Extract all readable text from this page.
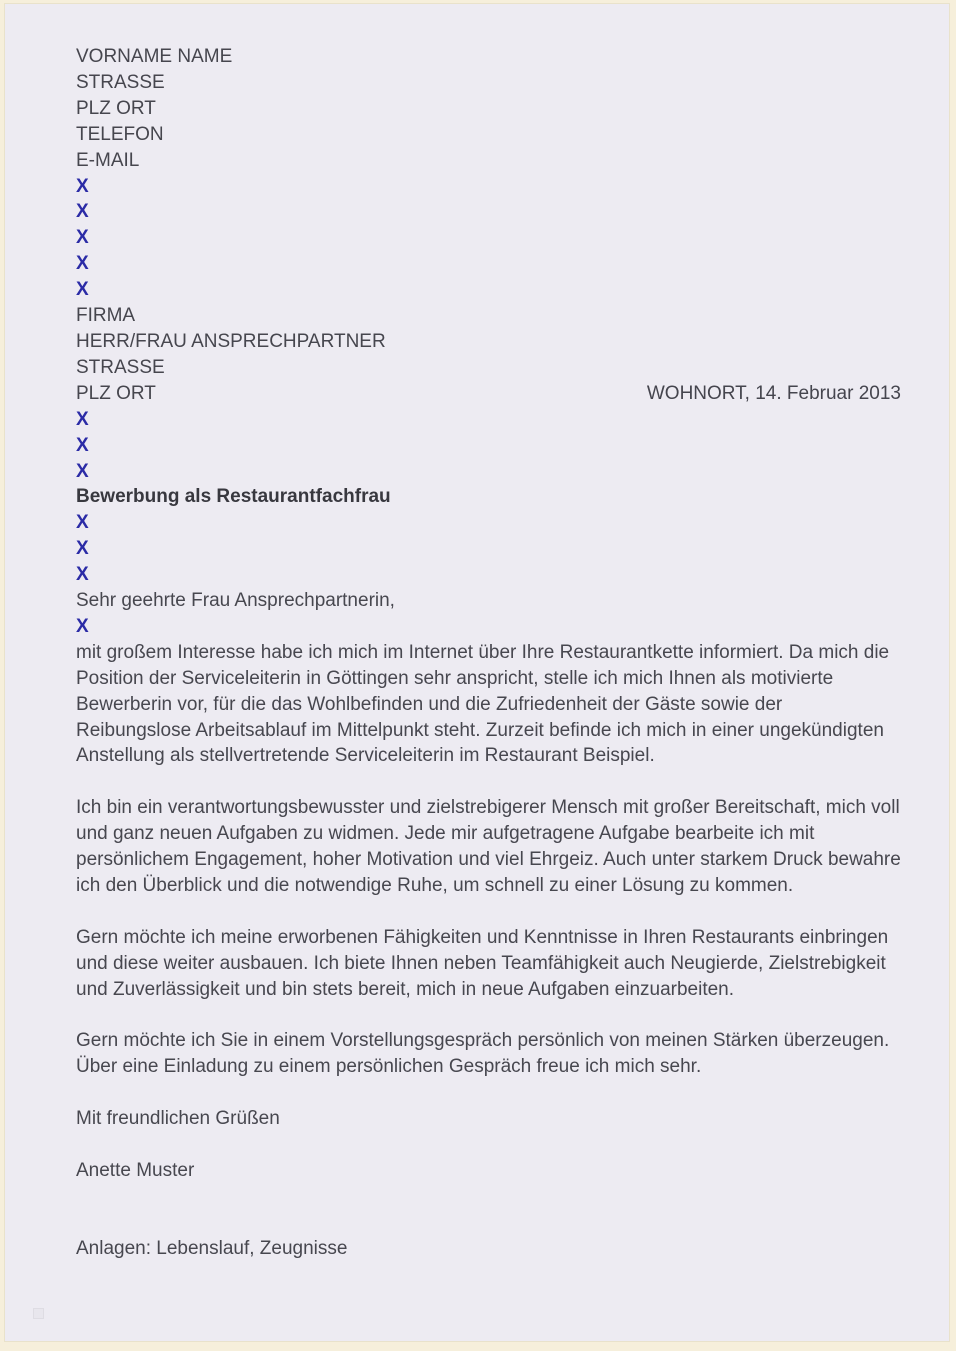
VORNAME NAME
STRASSE
PLZ ORT
TELEFON
E-MAIL
X
X
X
X
X
FIRMA
HERR/FRAU ANSPRECHPARTNER
STRASSE
PLZ ORT	WOHNORT, 14. Februar 2013
X
X
X
Bewerbung als Restaurantfachfrau
X
X
X
Sehr geehrte Frau Ansprechpartnerin,
X

mit großem Interesse habe ich mich im Internet über Ihre Restaurantkette informiert. Da mich die Position der Serviceleiterin in Göttingen sehr anspricht, stelle ich mich Ihnen als motivierte Bewerberin vor, für die das Wohlbefinden und die Zufriedenheit der Gäste sowie der Reibungslose Arbeitsablauf im Mittelpunkt steht. Zurzeit befinde ich mich in einer ungekündigten Anstellung als stellvertretende Serviceleiterin im Restaurant Beispiel.

Ich bin ein verantwortungsbewusster und zielstrebigerer Mensch mit großer Bereitschaft, mich voll und ganz neuen Aufgaben zu widmen. Jede mir aufgetragene Aufgabe bearbeite ich mit persönlichem Engagement, hoher Motivation und viel Ehrgeiz. Auch unter starkem Druck bewahre ich den Überblick und die notwendige Ruhe, um schnell zu einer Lösung zu kommen.

Gern möchte ich meine erworbenen Fähigkeiten und Kenntnisse in Ihren Restaurants einbringen und diese weiter ausbauen. Ich biete Ihnen neben Teamfähigkeit auch Neugierde, Zielstrebigkeit und Zuverlässigkeit und bin stets bereit, mich in neue Aufgaben einzuarbeiten.

Gern möchte ich Sie in einem Vorstellungsgespräch persönlich von meinen Stärken überzeugen. Über eine Einladung zu einem persönlichen Gespräch freue ich mich sehr.

Mit freundlichen Grüßen
Anette Muster
Anlagen: Lebenslauf, Zeugnisse
